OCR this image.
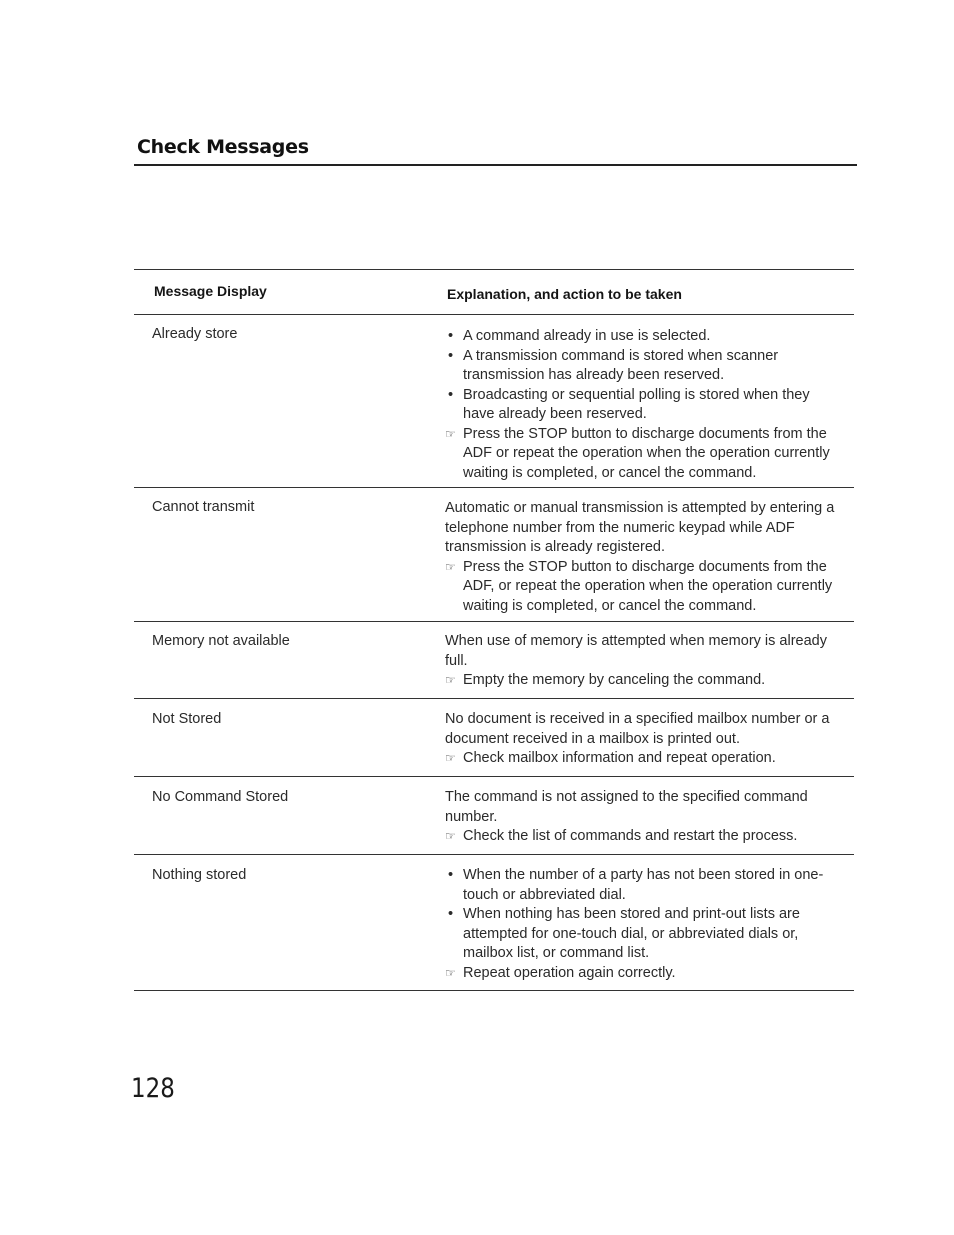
Check Messages
Message Display	Explanation, and action to be taken
Already store	• A command already in use is selected.
• A transmission command is stored when scanner transmission has already been reserved.
• Broadcasting or sequential polling is stored when they have already been reserved.
☞ Press the STOP button to discharge documents from the ADF or repeat the operation when the operation currently waiting is completed, or cancel the command.
Cannot transmit	Automatic or manual transmission is attempted by entering a telephone number from the numeric keypad while ADF transmission is already registered.
☞ Press the STOP button to discharge documents from the ADF, or repeat the operation when the operation currently waiting is completed, or cancel the command.
Memory not available	When use of memory is attempted when memory is already full.
☞ Empty the memory by canceling the command.
Not Stored	No document is received in a specified mailbox number or a document received in a mailbox is printed out.
☞ Check mailbox information and repeat operation.
No Command Stored	The command is not assigned to the specified command number.
☞ Check the list of commands and restart the process.
Nothing stored	• When the number of a party has not been stored in one-touch or abbreviated dial.
• When nothing has been stored and print-out lists are attempted for one-touch dial, or abbreviated dials or, mailbox list, or command list.
☞ Repeat operation again correctly.
128
